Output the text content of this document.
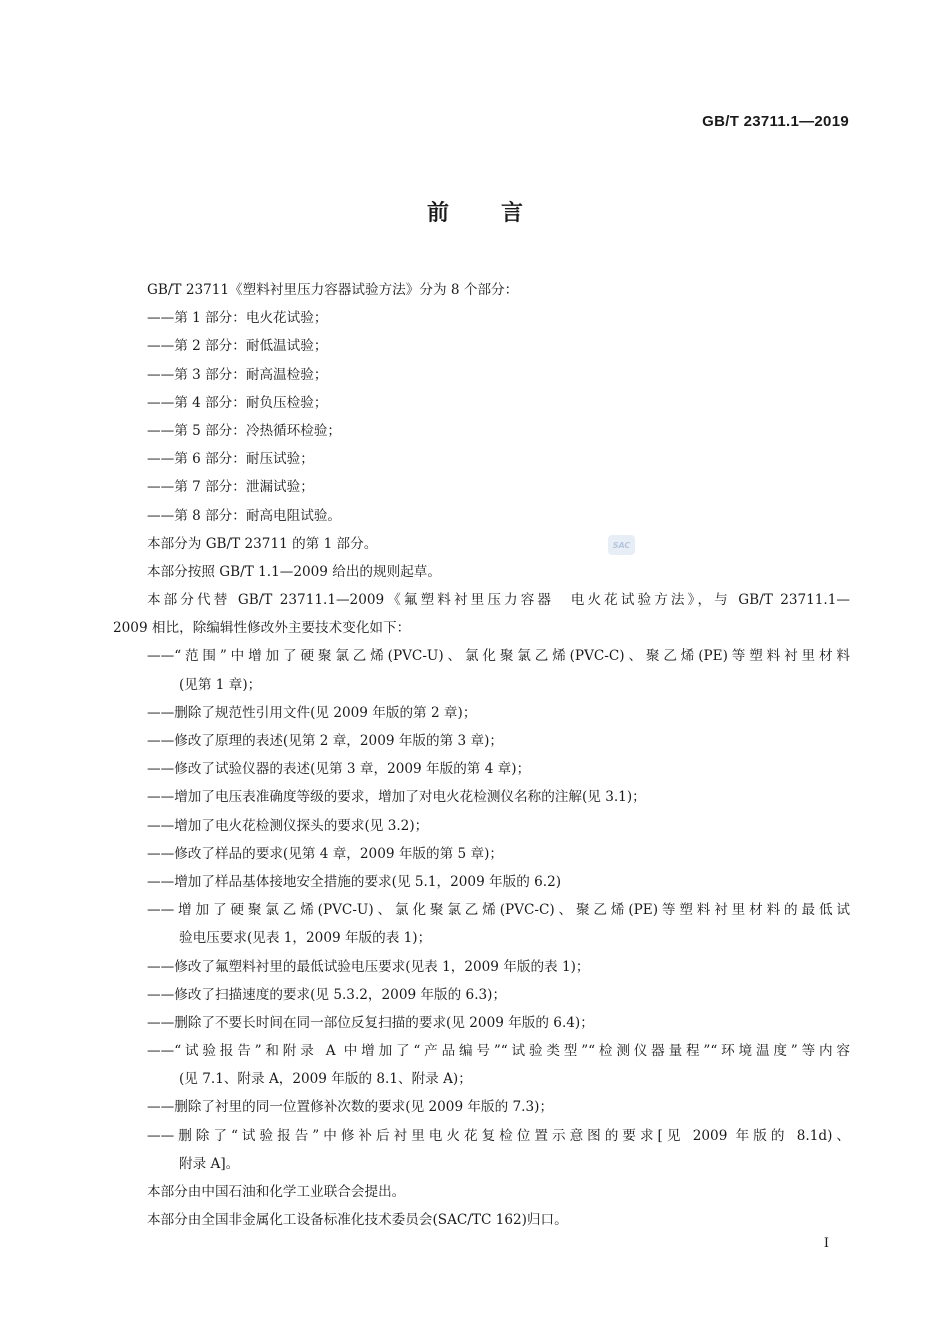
GB/T 23711.1—2019
前言
SAC
GB/T 23711《塑料衬里压力容器试验方法》分为 8 个部分：
——第 1 部分：电火花试验；
——第 2 部分：耐低温试验；
——第 3 部分：耐高温检验；
——第 4 部分：耐负压检验；
——第 5 部分：冷热循环检验；
——第 6 部分：耐压试验；
——第 7 部分：泄漏试验；
——第 8 部分：耐高电阻试验。
本部分为 GB/T 23711 的第 1 部分。
本部分按照 GB/T 1.1—2009 给出的规则起草。
本部分代替 GB/T 23711.1—2009《氟塑料衬里压力容器　电火花试验方法》，与 GB/T 23711.1—
2009 相比，除编辑性修改外主要技术变化如下：
——“范围”中增加了硬聚氯乙烯(PVC-U)、氯化聚氯乙烯(PVC-C)、聚乙烯(PE)等塑料衬里材料
(见第 1 章)；
——删除了规范性引用文件(见 2009 年版的第 2 章)；
——修改了原理的表述(见第 2 章，2009 年版的第 3 章)；
——修改了试验仪器的表述(见第 3 章，2009 年版的第 4 章)；
——增加了电压表准确度等级的要求，增加了对电火花检测仪名称的注解(见 3.1)；
——增加了电火花检测仪探头的要求(见 3.2)；
——修改了样品的要求(见第 4 章，2009 年版的第 5 章)；
——增加了样品基体接地安全措施的要求(见 5.1，2009 年版的 6.2)
——增加了硬聚氯乙烯(PVC-U)、氯化聚氯乙烯(PVC-C)、聚乙烯(PE)等塑料衬里材料的最低试
验电压要求(见表 1，2009 年版的表 1)；
——修改了氟塑料衬里的最低试验电压要求(见表 1，2009 年版的表 1)；
——修改了扫描速度的要求(见 5.3.2，2009 年版的 6.3)；
——删除了不要长时间在同一部位反复扫描的要求(见 2009 年版的 6.4)；
——“试验报告”和附录 A 中增加了“产品编号”“试验类型”“检测仪器量程”“环境温度”等内容
(见 7.1、附录 A，2009 年版的 8.1、附录 A)；
——删除了衬里的同一位置修补次数的要求(见 2009 年版的 7.3)；
——删除了“试验报告”中修补后衬里电火花复检位置示意图的要求[见 2009 年版的 8.1d)、
附录 A]。
本部分由中国石油和化学工业联合会提出。
本部分由全国非金属化工设备标准化技术委员会(SAC/TC 162)归口。
I
